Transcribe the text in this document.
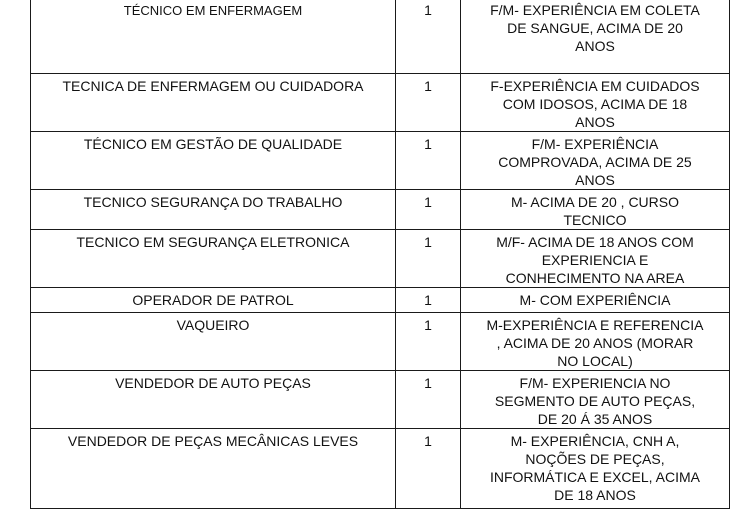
TÉCNICO EM ENFERMAGEM	1	F/M- EXPERIÊNCIA EM COLETA
DE SANGUE, ACIMA DE 20
ANOS
TECNICA DE ENFERMAGEM OU CUIDADORA	1	F-EXPERIÊNCIA EM CUIDADOS
COM IDOSOS, ACIMA DE 18
ANOS
TÉCNICO EM GESTÃO DE QUALIDADE	1	F/M- EXPERIÊNCIA
COMPROVADA, ACIMA DE 25
ANOS
TECNICO SEGURANÇA DO TRABALHO	1	M- ACIMA DE 20 , CURSO
TECNICO
TECNICO EM SEGURANÇA ELETRONICA	1	M/F- ACIMA DE 18 ANOS COM
EXPERIENCIA E
CONHECIMENTO NA AREA
OPERADOR DE PATROL	1	M- COM EXPERIÊNCIA
VAQUEIRO	1	M-EXPERIÊNCIA E REFERENCIA
, ACIMA DE 20 ANOS (MORAR
NO LOCAL)
VENDEDOR DE AUTO PEÇAS	1	F/M- EXPERIENCIA NO
SEGMENTO DE AUTO PEÇAS,
DE 20 Á 35 ANOS
VENDEDOR DE PEÇAS MECÂNICAS LEVES	1	M- EXPERIÊNCIA, CNH A,
NOÇÕES DE PEÇAS,
INFORMÁTICA E EXCEL, ACIMA
DE 18 ANOS
